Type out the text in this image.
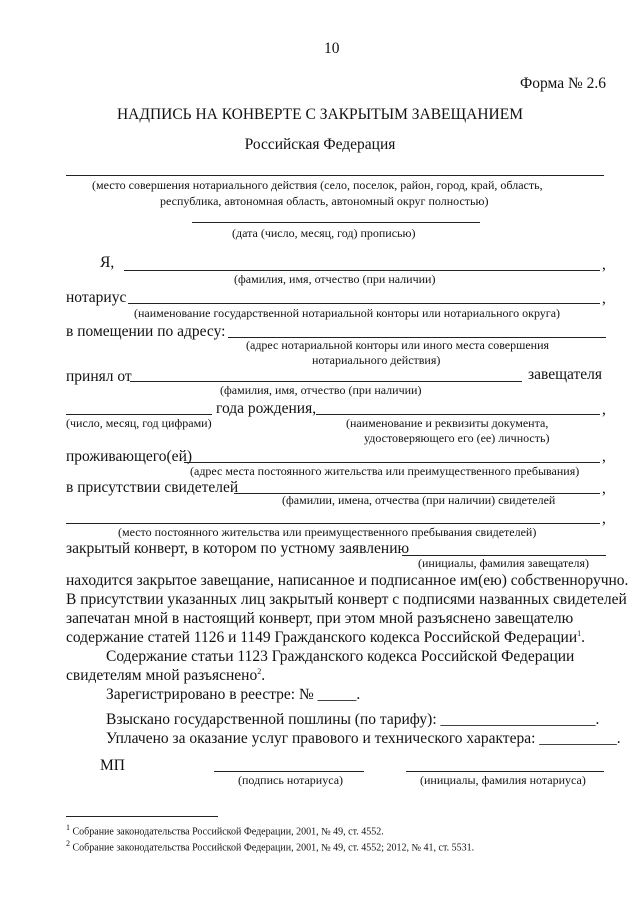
10
Форма № 2.6
НАДПИСЬ НА КОНВЕРТЕ С ЗАКРЫТЫМ ЗАВЕЩАНИЕМ
Российская Федерация
(место совершения нотариального действия (село, поселок, район, город, край, область,
республика, автономная область, автономный округ полностью)
(дата (число, месяц, год) прописью)
Я,	,
(фамилия, имя, отчество (при наличии)
нотариус	,
(наименование государственной нотариальной конторы или нотариального округа)
в помещении по адресу:
(адрес нотариальной конторы или иного места совершения
нотариального действия)
принял от	завещателя
(фамилия, имя, отчество (при наличии)
года рождения,	,
(число, месяц, год цифрами)	(наименование и реквизиты документа,
удостоверяющего его (ее) личность)
проживающего(ей)	,
(адрес места постоянного жительства или преимущественного пребывания)
в присутствии свидетелей	,
(фамилии, имена, отчества (при наличии) свидетелей
,
(место постоянного жительства или преимущественного пребывания свидетелей)
закрытый конверт, в котором по устному заявлению
(инициалы, фамилия завещателя)
находится закрытое завещание, написанное и подписанное им(ею) собственноручно.
В присутствии указанных лиц закрытый конверт с подписями названных свидетелей
запечатан мной в настоящий конверт, при этом мной разъяснено завещателю
содержание статей 1126 и 1149 Гражданского кодекса Российской Федерации$^1$.
Содержание статьи 1123 Гражданского кодекса Российской Федерации
свидетелям мной разъяснено$^2$.
Зарегистрировано в реестре: № _____.
Взыскано государственной пошлины (по тарифу): ____________________.
Уплачено за оказание услуг правового и технического характера: __________.
МП
(подпись нотариуса)	(инициалы, фамилия нотариуса)
$^1$ Собрание законодательства Российской Федерации, 2001, № 49, ст. 4552.
$^2$ Собрание законодательства Российской Федерации, 2001, № 49, ст. 4552; 2012, № 41, ст. 5531.
